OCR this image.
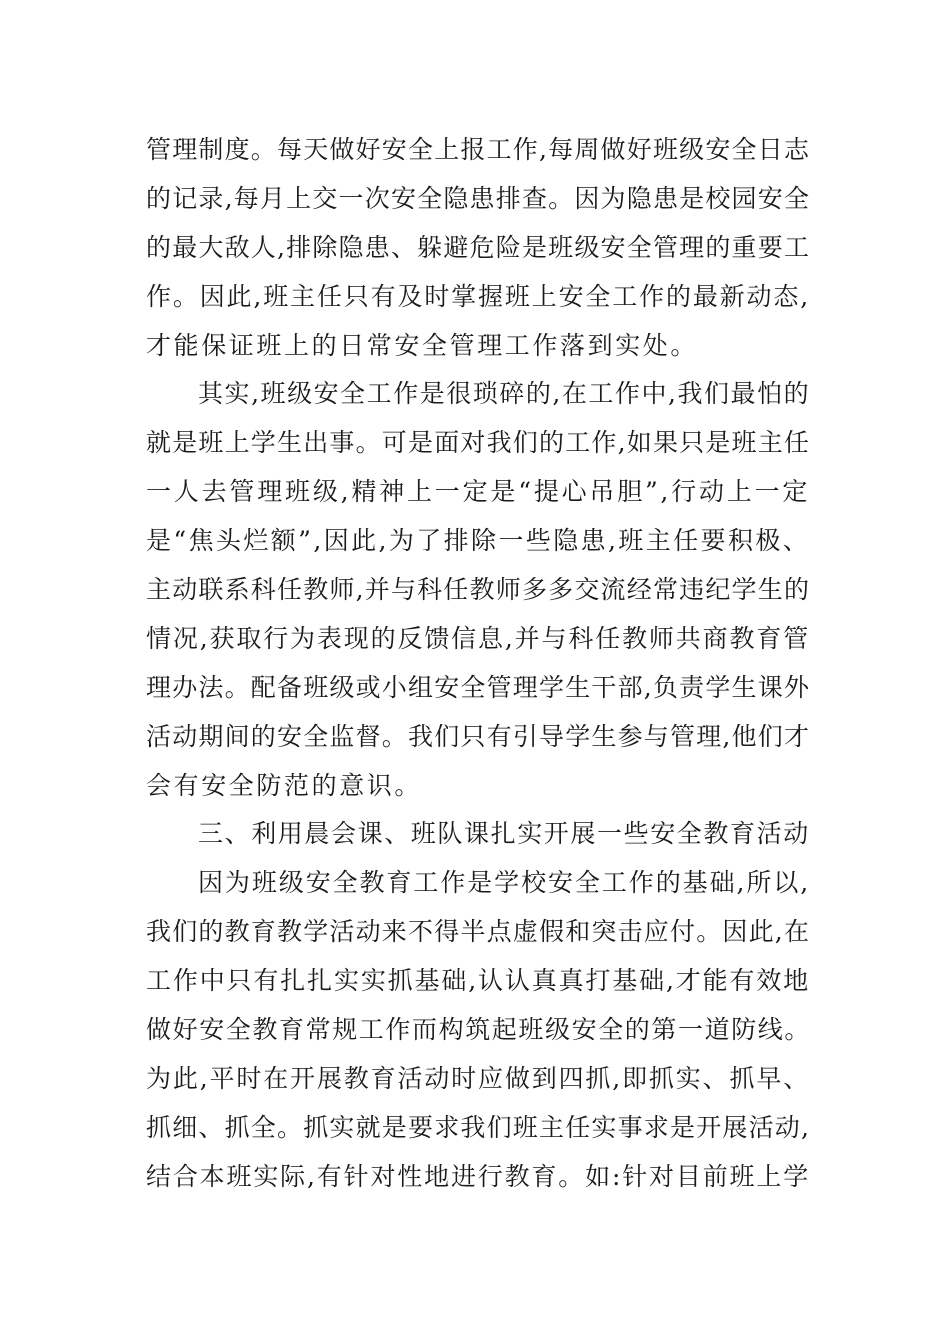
管理制度。每天做好安全上报工作,每周做好班级安全日志
的记录,每月上交一次安全隐患排查。因为隐患是校园安全
的最大敌人,排除隐患、躲避危险是班级安全管理的重要工
作。因此,班主任只有及时掌握班上安全工作的最新动态,
才能保证班上的日常安全管理工作落到实处。
其实,班级安全工作是很琐碎的,在工作中,我们最怕的
就是班上学生出事。可是面对我们的工作,如果只是班主任
一人去管理班级,精神上一定是“提心吊胆”,行动上一定
是“焦头烂额”,因此,为了排除一些隐患,班主任要积极、
主动联系科任教师,并与科任教师多多交流经常违纪学生的
情况,获取行为表现的反馈信息,并与科任教师共商教育管
理办法。配备班级或小组安全管理学生干部,负责学生课外
活动期间的安全监督。我们只有引导学生参与管理,他们才
会有安全防范的意识。
三、利用晨会课、班队课扎实开展一些安全教育活动
因为班级安全教育工作是学校安全工作的基础,所以,
我们的教育教学活动来不得半点虚假和突击应付。因此,在
工作中只有扎扎实实抓基础,认认真真打基础,才能有效地
做好安全教育常规工作而构筑起班级安全的第一道防线。
为此,平时在开展教育活动时应做到四抓,即抓实、抓早、
抓细、抓全。抓实就是要求我们班主任实事求是开展活动,
结合本班实际,有针对性地进行教育。如:针对目前班上学
